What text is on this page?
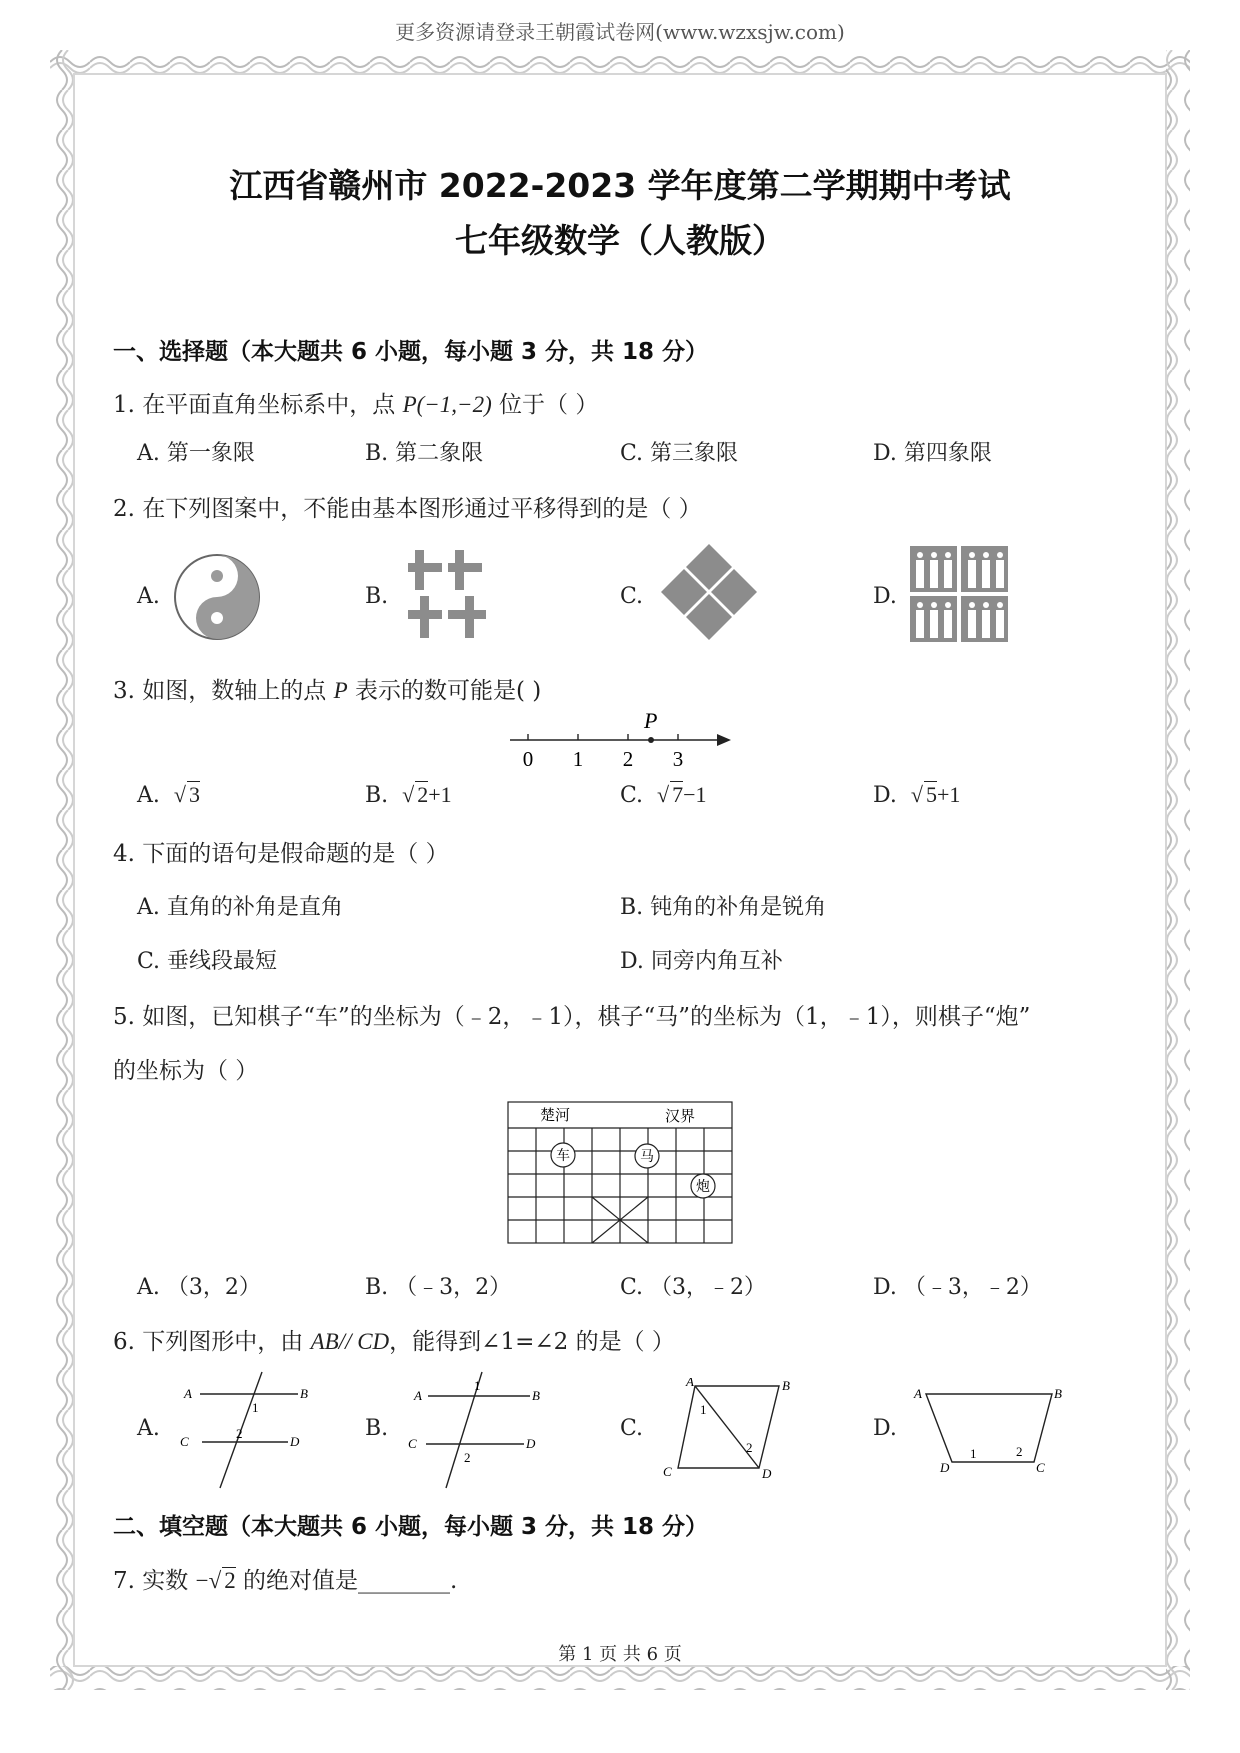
更多资源请登录王朝霞试卷网(www.wzxsjw.com)
江西省赣州市 2022-2023 学年度第二学期期中考试
七年级数学（人教版）
一、选择题（本大题共 6 小题，每小题 3 分，共 18 分）
1. 在平面直角坐标系中，点 P(−1,−2) 位于（ ）
A. 第一象限	B. 第二象限	C. 第三象限	D. 第四象限
2. 在下列图案中，不能由基本图形通过平移得到的是（ ）
A.	B.	C.	D.
3. 如图，数轴上的点 P 表示的数可能是( )
P
0 1 2 3
A. √ 3	B. √ 2+1	C. √ 7−1	D. √ 5+1
4. 下面的语句是假命题的是（ ）
A. 直角的补角是直角	B. 钝角的补角是锐角
C. 垂线段最短	D. 同旁内角互补
5. 如图，已知棋子“车”的坐标为（﹣2，﹣1），棋子“马”的坐标为（1，﹣1），则棋子“炮”
的坐标为（ ）
楚河	汉界
车	马
炮
A. （3，2）	B. （﹣3，2）	C. （3，﹣2）	D. （﹣3，﹣2）
6. 下列图形中，由 AB// CD，能得到∠1=∠2 的是（ ）
A.	B.	C.	D.
A	B
C	D
1
2
A	B
C	D
1
2
A	B
C	D
1
2
A	B
C
D
1	2
二、填空题（本大题共 6 小题，每小题 3 分，共 18 分）
7. 实数 −√ 2 的绝对值是________.
第 1 页 共 6 页
